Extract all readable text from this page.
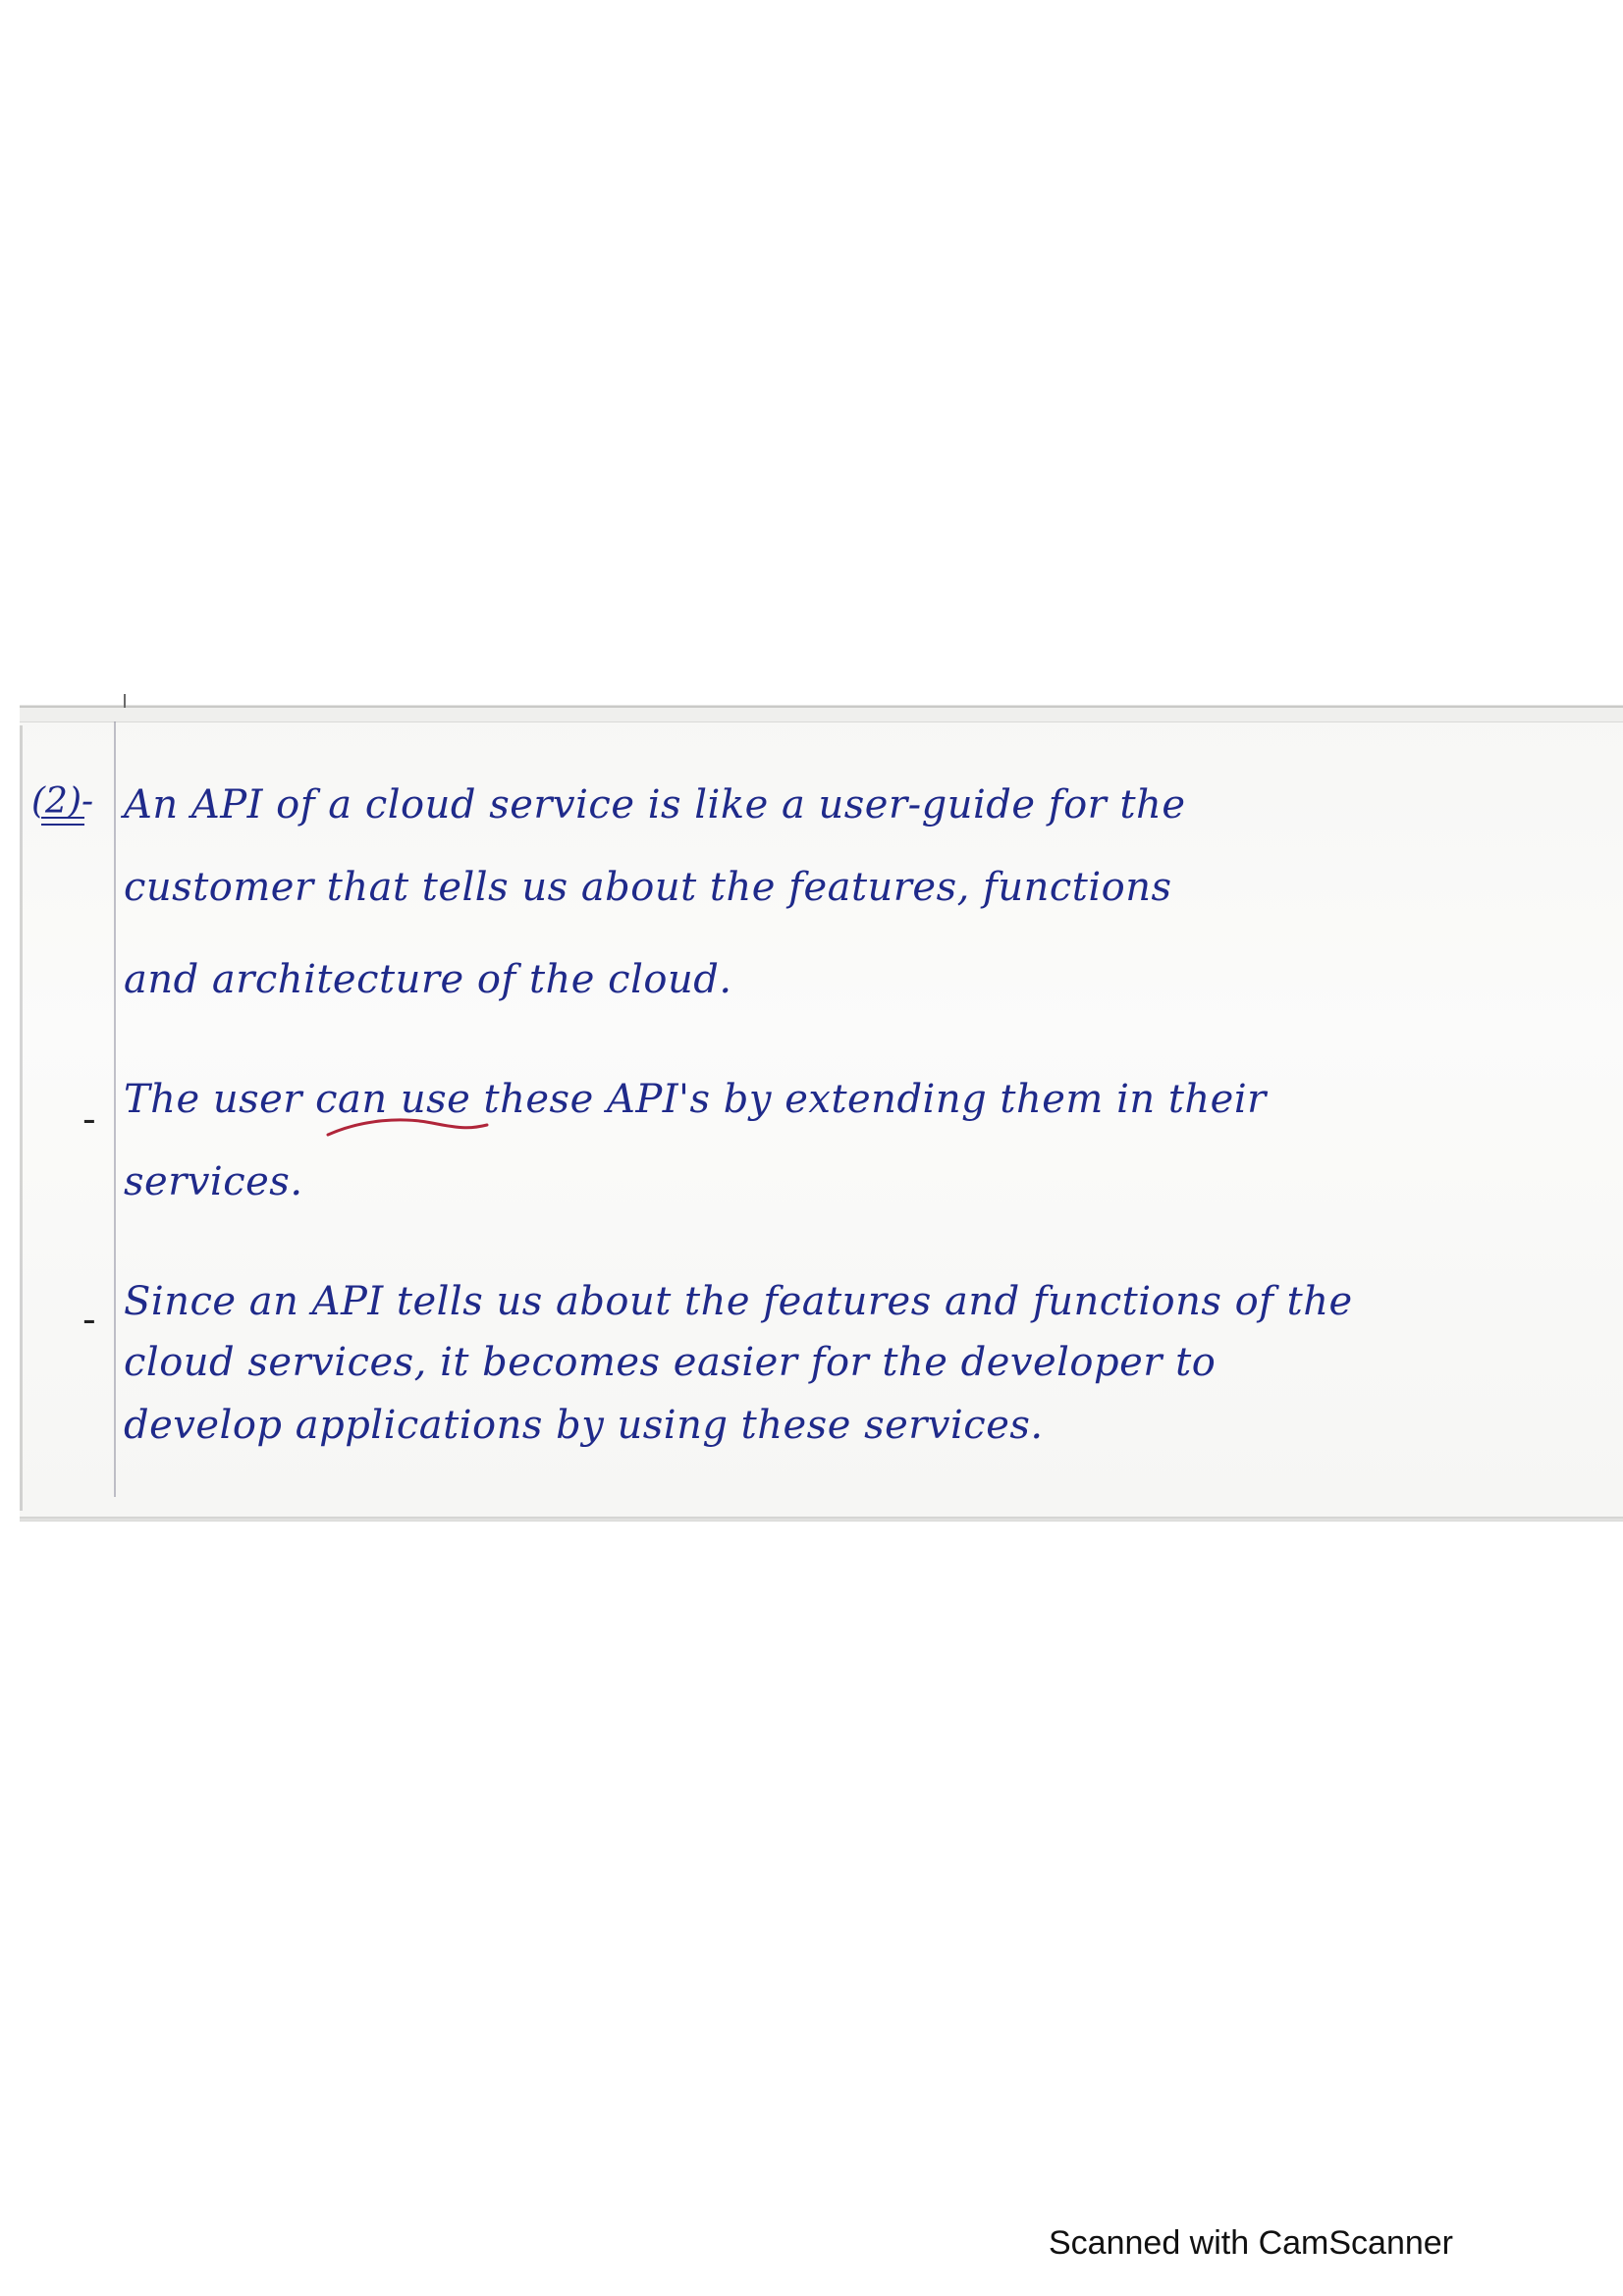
(2)- An API of a cloud service is like a user-guide for the
customer that tells us about the features, functions
and architecture of the cloud.
- The user can use these API's by extending them in their
services.
- Since an API tells us about the features and functions of the
cloud services, it becomes easier for the developer to
develop applications by using these services.
Scanned with CamScanner
